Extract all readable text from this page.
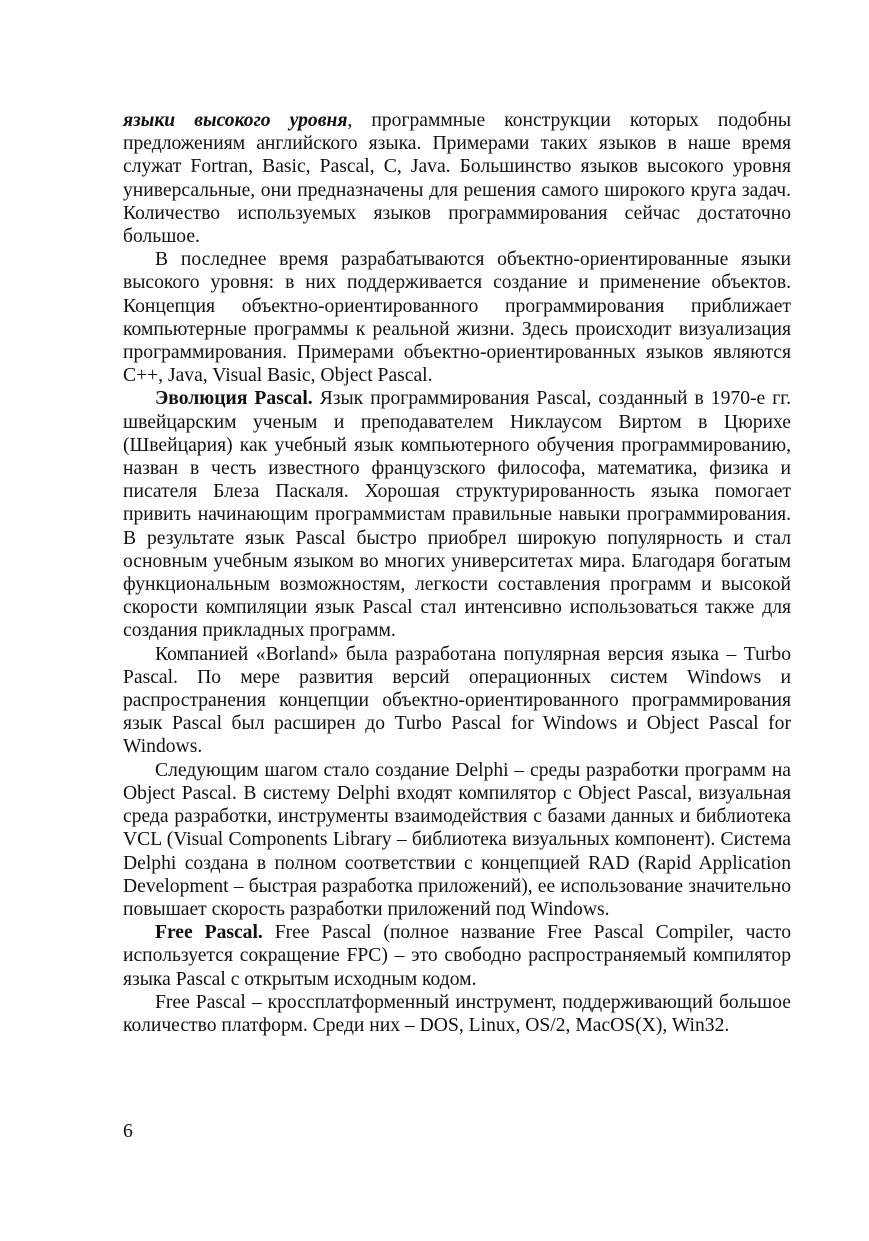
языки высокого уровня, программные конструкции которых подобны предложениям английского языка. Примерами таких языков в наше время служат Fortran, Basic, Pascal, C, Java. Большинство языков высокого уровня универсальные, они предназначены для решения самого широкого круга задач. Количество используемых языков программирования сейчас достаточно большое.

В последнее время разрабатываются объектно-ориентированные языки высокого уровня: в них поддерживается создание и применение объектов. Концепция объектно-ориентированного программирования приближает компьютерные программы к реальной жизни. Здесь происходит визуализация программирования. Примерами объектно-ориентированных языков являются C++, Java, Visual Basic, Object Pascal.

Эволюция Pascal. Язык программирования Pascal, созданный в 1970-е гг. швейцарским ученым и преподавателем Никлаусом Виртом в Цюрихе (Швейцария) как учебный язык компьютерного обучения программированию, назван в честь известного французского философа, математика, физика и писателя Блеза Паскаля. Хорошая структурированность языка помогает привить начинающим программистам правильные навыки программирования. В результате язык Pascal быстро приобрел широкую популярность и стал основным учебным языком во многих университетах мира. Благодаря богатым функциональным возможностям, легкости составления программ и высокой скорости компиляции язык Pascal стал интенсивно использоваться также для создания прикладных программ.

Компанией «Borland» была разработана популярная версия языка – Turbo Pascal. По мере развития версий операционных систем Windows и распространения концепции объектно-ориентированного программирования язык Pascal был расширен до Turbo Pascal for Windows и Object Pascal for Windows.

Следующим шагом стало создание Delphi – среды разработки программ на Object Pascal. В систему Delphi входят компилятор с Object Pascal, визуальная среда разработки, инструменты взаимодействия с базами данных и библиотека VCL (Visual Components Library – библиотека визуальных компонент). Система Delphi создана в полном соответствии с концепцией RAD (Rapid Application Development – быстрая разработка приложений), ее использование значительно повышает скорость разработки приложений под Windows.

Free Pascal. Free Pascal (полное название Free Pascal Compiler, часто используется сокращение FPC) – это свободно распространяемый компилятор языка Pascal с открытым исходным кодом.

Free Pascal – кроссплатформенный инструмент, поддерживающий большое количество платформ. Среди них – DOS, Linux, OS/2, MacOS(X), Win32.

6
